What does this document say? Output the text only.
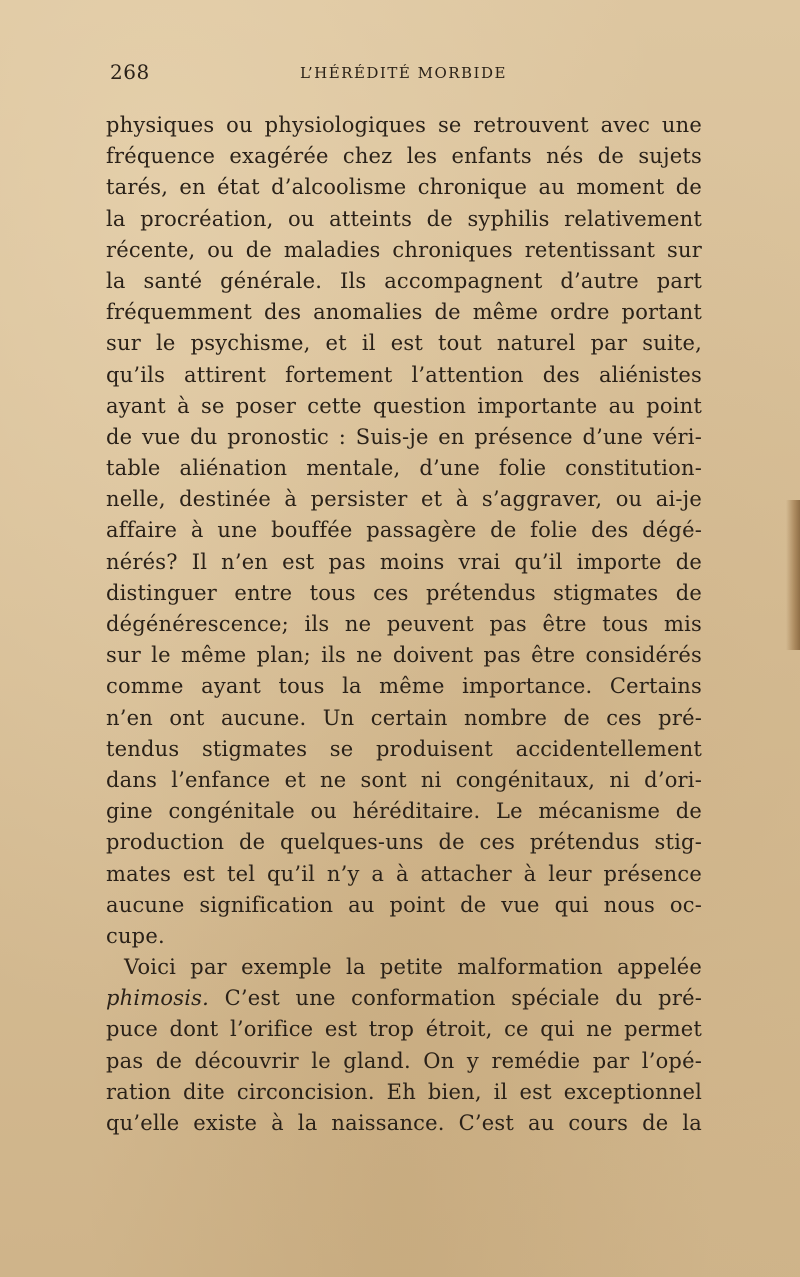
268	L’HÉRÉDITÉ MORBIDE
physiques ou physiologiques se retrouvent avec une
fréquence exagérée chez les enfants nés de sujets
tarés, en état d’alcoolisme chronique au moment de
la procréation, ou atteints de syphilis relativement
récente, ou de maladies chroniques retentissant sur
la santé générale. Ils accompagnent d’autre part
fréquemment des anomalies de même ordre portant
sur le psychisme, et il est tout naturel par suite,
qu’ils attirent fortement l’attention des aliénistes
ayant à se poser cette question importante au point
de vue du pronostic : Suis-je en présence d’une véri-
table aliénation mentale, d’une folie constitution-
nelle, destinée à persister et à s’aggraver, ou ai-je
affaire à une bouffée passagère de folie des dégé-
nérés? Il n’en est pas moins vrai qu’il importe de
distinguer entre tous ces prétendus stigmates de
dégénérescence; ils ne peuvent pas être tous mis
sur le même plan; ils ne doivent pas être considérés
comme ayant tous la même importance. Certains
n’en ont aucune. Un certain nombre de ces pré-
tendus stigmates se produisent accidentellement
dans l’enfance et ne sont ni congénitaux, ni d’ori-
gine congénitale ou héréditaire. Le mécanisme de
production de quelques-uns de ces prétendus stig-
mates est tel qu’il n’y a à attacher à leur présence
aucune signification au point de vue qui nous oc-
cupe.
Voici par exemple la petite malformation appelée
phimosis. C’est une conformation spéciale du pré-
puce dont l’orifice est trop étroit, ce qui ne permet
pas de découvrir le gland. On y remédie par l’opé-
ration dite circoncision. Eh bien, il est exceptionnel
qu’elle existe à la naissance. C’est au cours de la
